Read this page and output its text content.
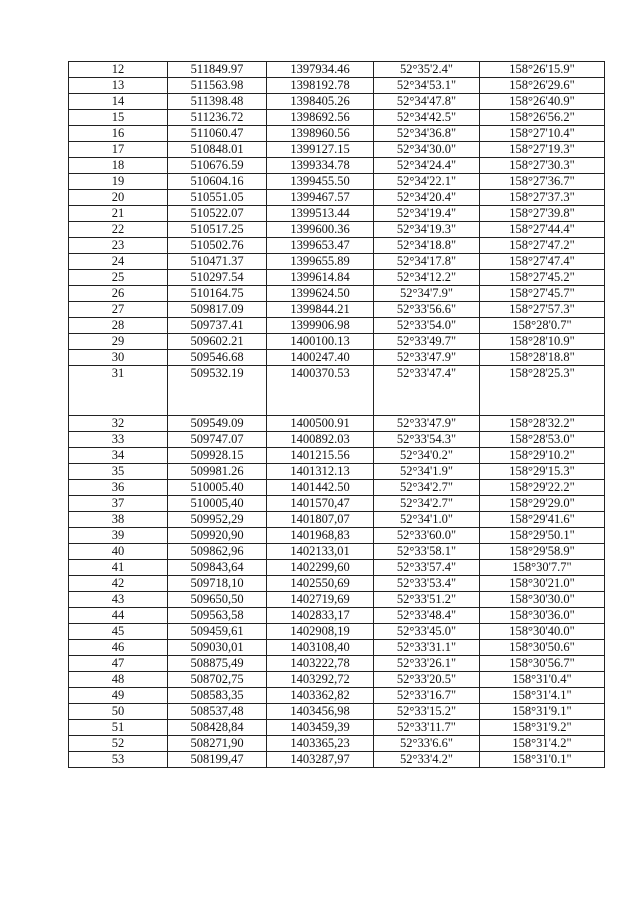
12	511849.97	1397934.46	52°35'2.4"	158°26'15.9"
13	511563.98	1398192.78	52°34'53.1"	158°26'29.6"
14	511398.48	1398405.26	52°34'47.8"	158°26'40.9"
15	511236.72	1398692.56	52°34'42.5"	158°26'56.2"
16	511060.47	1398960.56	52°34'36.8"	158°27'10.4"
17	510848.01	1399127.15	52°34'30.0"	158°27'19.3"
18	510676.59	1399334.78	52°34'24.4"	158°27'30.3"
19	510604.16	1399455.50	52°34'22.1"	158°27'36.7"
20	510551.05	1399467.57	52°34'20.4"	158°27'37.3"
21	510522.07	1399513.44	52°34'19.4"	158°27'39.8"
22	510517.25	1399600.36	52°34'19.3"	158°27'44.4"
23	510502.76	1399653.47	52°34'18.8"	158°27'47.2"
24	510471.37	1399655.89	52°34'17.8"	158°27'47.4"
25	510297.54	1399614.84	52°34'12.2"	158°27'45.2"
26	510164.75	1399624.50	52°34'7.9"	158°27'45.7"
27	509817.09	1399844.21	52°33'56.6"	158°27'57.3"
28	509737.41	1399906.98	52°33'54.0"	158°28'0.7"
29	509602.21	1400100.13	52°33'49.7"	158°28'10.9"
30	509546.68	1400247.40	52°33'47.9"	158°28'18.8"
31	509532.19	1400370.53	52°33'47.4"	158°28'25.3"
32	509549.09	1400500.91	52°33'47.9"	158°28'32.2"
33	509747.07	1400892.03	52°33'54.3"	158°28'53.0"
34	509928.15	1401215.56	52°34'0.2"	158°29'10.2"
35	509981.26	1401312.13	52°34'1.9"	158°29'15.3"
36	510005.40	1401442.50	52°34'2.7"	158°29'22.2"
37	510005,40	1401570,47	52°34'2.7"	158°29'29.0"
38	509952,29	1401807,07	52°34'1.0"	158°29'41.6"
39	509920,90	1401968,83	52°33'60.0"	158°29'50.1"
40	509862,96	1402133,01	52°33'58.1"	158°29'58.9"
41	509843,64	1402299,60	52°33'57.4"	158°30'7.7"
42	509718,10	1402550,69	52°33'53.4"	158°30'21.0"
43	509650,50	1402719,69	52°33'51.2"	158°30'30.0"
44	509563,58	1402833,17	52°33'48.4"	158°30'36.0"
45	509459,61	1402908,19	52°33'45.0"	158°30'40.0"
46	509030,01	1403108,40	52°33'31.1"	158°30'50.6"
47	508875,49	1403222,78	52°33'26.1"	158°30'56.7"
48	508702,75	1403292,72	52°33'20.5"	158°31'0.4"
49	508583,35	1403362,82	52°33'16.7"	158°31'4.1"
50	508537,48	1403456,98	52°33'15.2"	158°31'9.1"
51	508428,84	1403459,39	52°33'11.7"	158°31'9.2"
52	508271,90	1403365,23	52°33'6.6"	158°31'4.2"
53	508199,47	1403287,97	52°33'4.2"	158°31'0.1"
